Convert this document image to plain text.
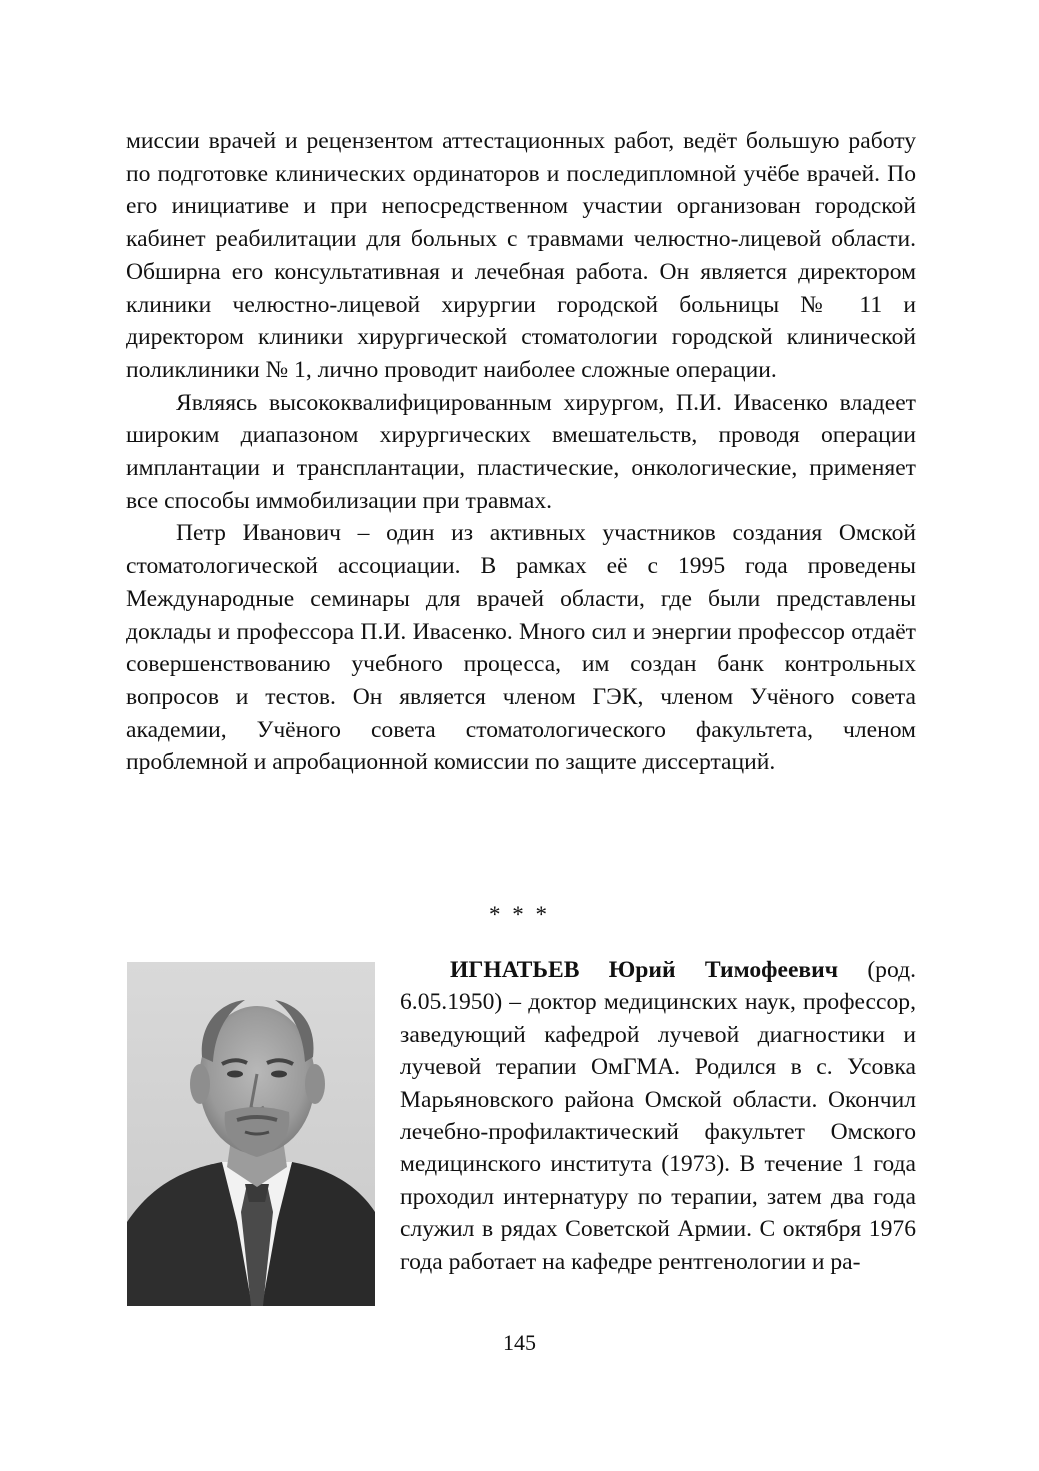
миссии врачей и рецензентом аттестационных работ, ведёт большую работу по подготовке клинических ординаторов и последипломной учёбе врачей. По его инициативе и при непосредственном участии организован городской кабинет реабилитации для больных с травмами челюстно-лицевой области. Обширна его консультативная и лечебная работа. Он является директором клиники челюстно-лицевой хирургии городской больницы № 11 и директором клиники хирургической стоматологии городской клинической поликлиники № 1, лично проводит наиболее сложные операции.

Являясь высококвалифицированным хирургом, П.И. Ивасенко владеет широким диапазоном хирургических вмешательств, проводя операции имплантации и трансплантации, пластические, онкологические, применяет все способы иммобилизации при травмах.

Петр Иванович – один из активных участников создания Омской стоматологической ассоциации. В рамках её с 1995 года проведены Международные семинары для врачей области, где были представлены доклады и профессора П.И. Ивасенко. Много сил и энергии профессор отдаёт совершенствованию учебного процесса, им создан банк контрольных вопросов и тестов. Он является членом ГЭК, членом Учёного совета академии, Учёного совета стоматологического факультета, членом проблемной и апробационной комиссии по защите диссертаций.

* * *

ИГНАТЬЕВ Юрий Тимофеевич (род. 6.05.1950) – доктор медицинских наук, профессор, заведующий кафедрой лучевой диагностики и лучевой терапии ОмГМА. Родился в с. Усовка Марьяновского района Омской области. Окончил лечебно-профилактический факультет Омского медицинского института (1973). В течение 1 года проходил интернатуру по терапии, затем два года служил в рядах Советской Армии. С октября 1976 года работает на кафедре рентгенологии и ра-

145
